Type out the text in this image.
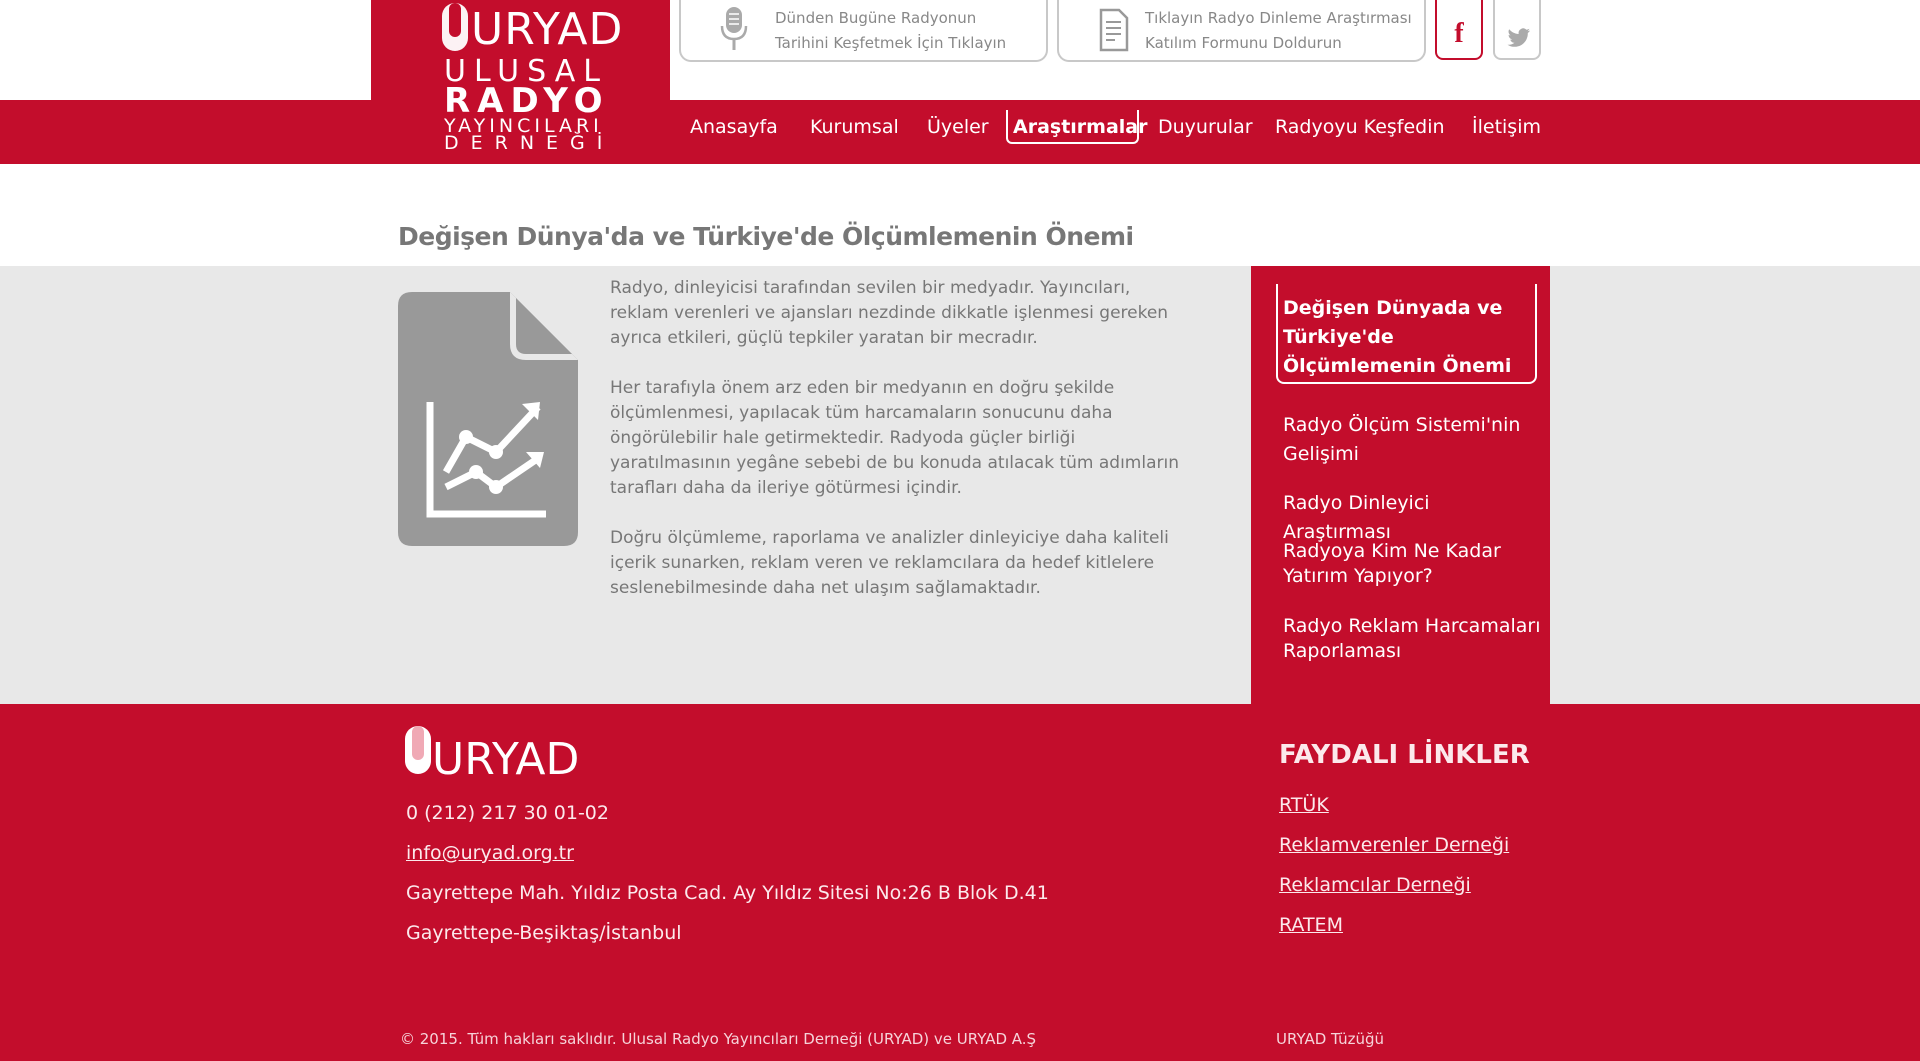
URYAD
ULUSAL
RADYO
YAYINCILARI
DERNEĞİ
Dünden Bugüne Radyonun
Tarihini Keşfetmek İçin Tıklayın
Tıklayın Radyo Dinleme Araştırması
Katılım Formunu Doldurun	f
Anasayfa Kurumsal Üyeler Araştırmalar Duyurular Radyoyu Keşfedin İletişim
Değişen Dünya'da ve Türkiye'de Ölçümlemenin Önemi

Radyo, dinleyicisi tarafından sevilen bir medyadır. Yayıncıları, reklam verenleri ve ajansları nezdinde dikkatle işlenmesi gereken ayrıca etkileri, güçlü tepkiler yaratan bir mecradır.

Her tarafıyla önem arz eden bir medyanın en doğru şekilde ölçümlenmesi, yapılacak tüm harcamaların sonucunu daha öngörülebilir hale getirmektedir. Radyoda güçler birliği yaratılmasının yegâne sebebi de bu konuda atılacak tüm adımların tarafları daha da ileriye götürmesi içindir.

Doğru ölçümleme, raporlama ve analizler dinleyiciye daha kaliteli içerik sunarken, reklam veren ve reklamcılara da hedef kitlelere seslenebilmesinde daha net ulaşım sağlamaktadır.

Değişen Dünyada ve Türkiye'de Ölçümlemenin Önemi
Radyo Ölçüm Sistemi'nin Gelişimi
Radyo Dinleyici Araştırması
Radyoya Kim Ne Kadar Yatırım Yapıyor?
Radyo Reklam Harcamaları Raporlaması
URYAD
0 (212) 217 30 01-02
info@uryad.org.tr
Gayrettepe Mah. Yıldız Posta Cad. Ay Yıldız Sitesi No:26 B Blok D.41
Gayrettepe-Beşiktaş/İstanbul
FAYDALI LİNKLER
RTÜK
Reklamverenler Derneği
Reklamcılar Derneği
RATEM
© 2015. Tüm hakları saklıdır. Ulusal Radyo Yayıncıları Derneği (URYAD) ve URYAD A.Ş	URYAD Tüzüğü
